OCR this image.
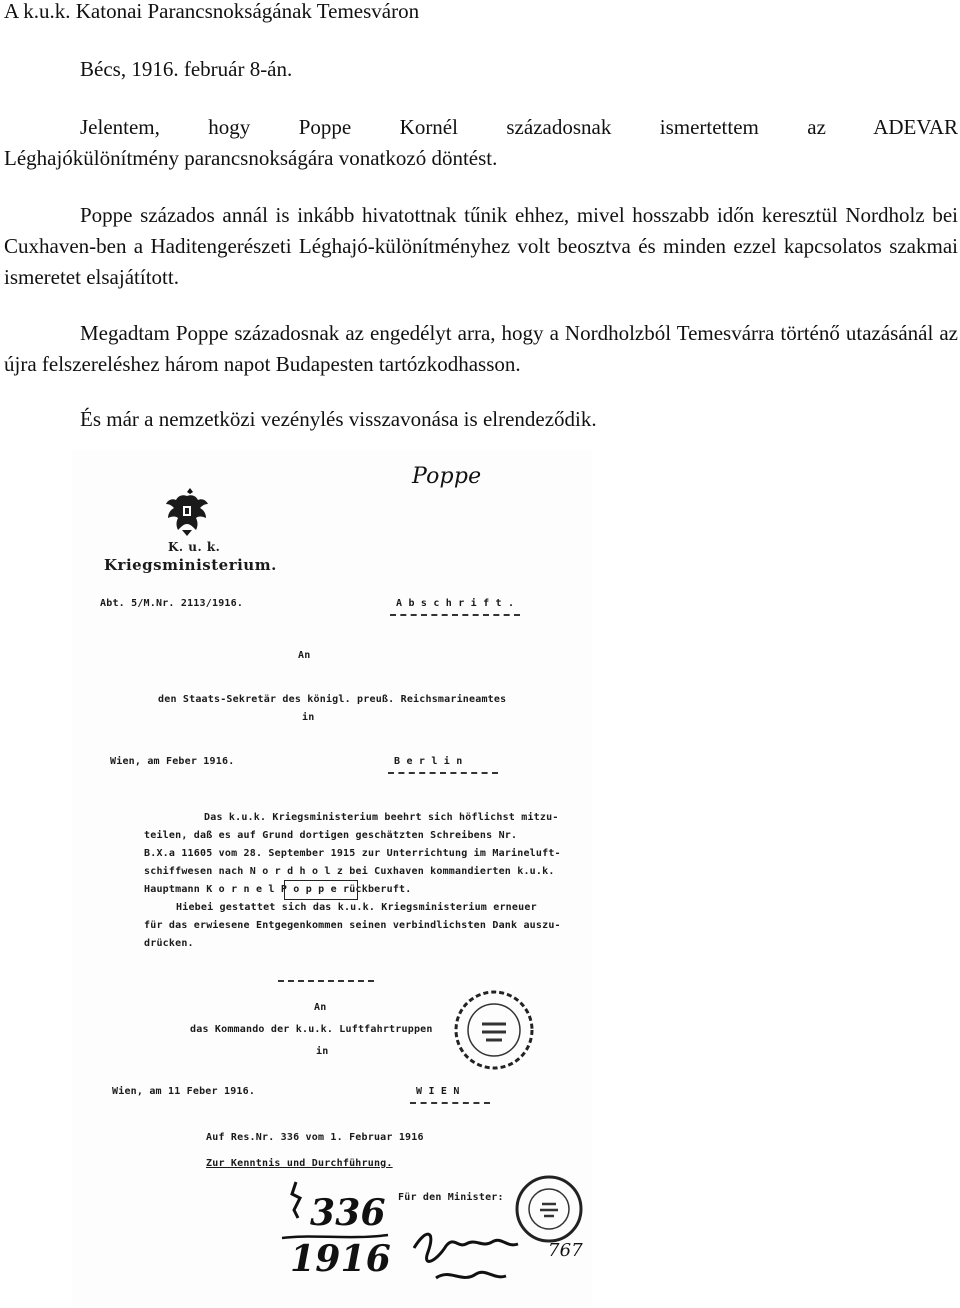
A k.u.k. Katonai Parancsnokságának Temesváron

Bécs, 1916. február 8-án.

Jelentem, hogy Poppe Kornél századosnak ismertettem az ADEVAR

Léghajókülönítmény parancsnokságára vonatkozó döntést.

Poppe százados annál is inkább hivatottnak tűnik ehhez, mivel hosszabb időn keresztül Nordholz bei Cuxhaven-ben a Haditengerészeti Léghajó-különítményhez volt beosztva és minden ezzel kapcsolatos szakmai ismeretet elsajátított.

Megadtam Poppe századosnak az engedélyt arra, hogy a Nordholzból Temesvárra történő utazásánál az újra felszereléshez három napot Budapesten tartózkodhasson.

És már a nemzetközi vezénylés visszavonása is elrendeződik.

Poppe
K. u. k.
Kriegsministerium.
Abt. 5/M.Nr. 2113/1916.	A b s c h r i f t .
An
den Staats-Sekretär des königl. preuß. Reichsmarineamtes
in
Wien, am Feber 1916.	B e r l i n
Das k.u.k. Kriegsministerium beehrt sich höflichst mitzu-
teilen, daß es auf Grund dortigen geschätzten Schreibens Nr.
B.X.a 11605 vom 28. September 1915 zur Unterrichtung im Marineluft-
schiffwesen nach N o r d h o l z bei Cuxhaven kommandierten k.u.k.
Hauptmann K o r n e l P o p p e rückberuft.
Hiebei gestattet sich das k.u.k. Kriegsministerium erneuer
für das erwiesene Entgegenkommen seinen verbindlichsten Dank auszu-
drücken.
An
das Kommando der k.u.k. Luftfahrtruppen
in
Wien, am 11 Feber 1916.	W I E N
Auf Res.Nr. 336 vom 1. Februar 1916
Zur Kenntnis und Durchführung.
336
1916
Für den Minister:
767
